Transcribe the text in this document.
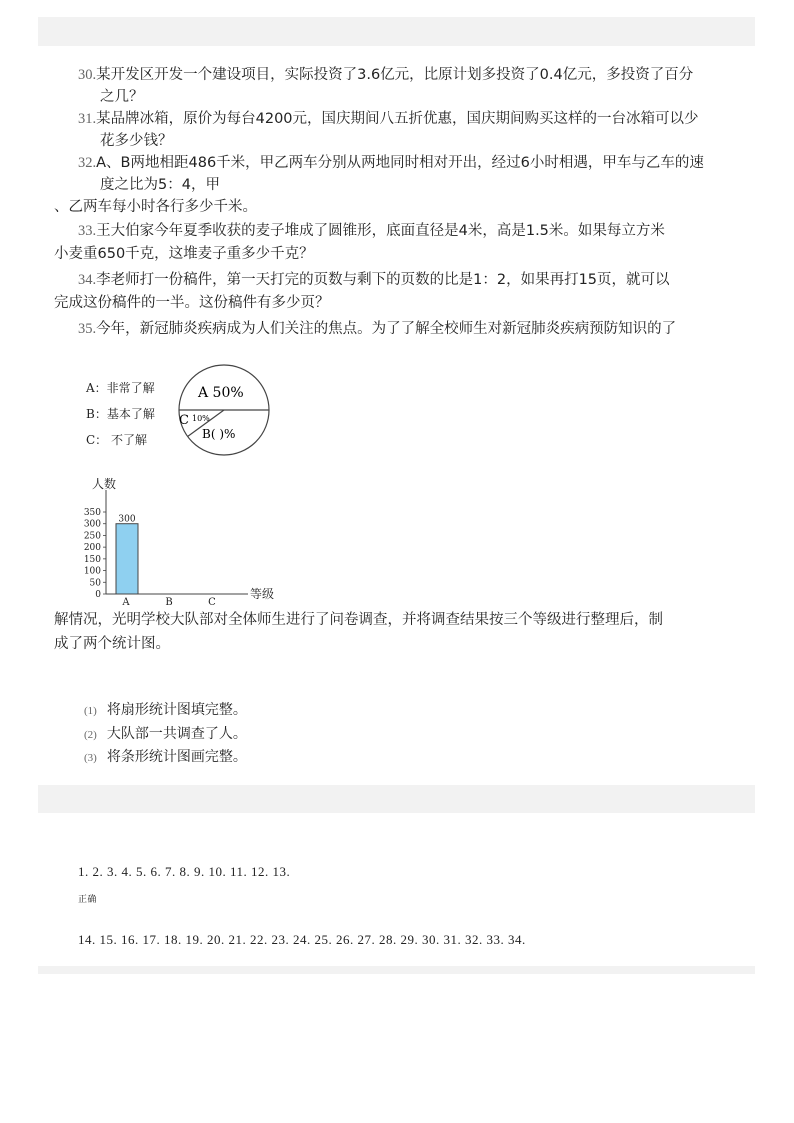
30.某开发区开发一个建设项目，实际投资了3.6亿元，比原计划多投资了0.4亿元，多投资了百分
之几？
31.某品牌冰箱，原价为每台4200元，国庆期间八五折优惠，国庆期间购买这样的一台冰箱可以少
花多少钱？
32.A、B两地相距486千米，甲乙两车分别从两地同时相对开出，经过6小时相遇，甲车与乙车的速
度之比为5：4，甲
、乙两车每小时各行多少千米。
33.王大伯家今年夏季收获的麦子堆成了圆锥形，底面直径是4米，高是1.5米。如果每立方米
小麦重650千克，这堆麦子重多少千克？
34.李老师打一份稿件，第一天打完的页数与剩下的页数的比是1：2，如果再打15页，就可以
完成这份稿件的一半。这份稿件有多少页？
35.今年，新冠肺炎疾病成为人们关注的焦点。为了了解全校师生对新冠肺炎疾病预防知识的了
A：非常了解
B：基本了解
C： 不了解
A 50%
C 10%
B( )%
人数
等级
0
50
100
150
200
250
300
350
A
300
B	C
解情况，光明学校大队部对全体师生进行了问卷调查，并将调查结果按三个等级进行整理后，制
成了两个统计图。
(1) 将扇形统计图填完整。
(2) 大队部一共调查了人。
(3) 将条形统计图画完整。
1. 2. 3. 4. 5. 6. 7. 8. 9. 10. 11. 12. 13.
正确
14. 15. 16. 17. 18. 19. 20. 21. 22. 23. 24. 25. 26. 27. 28. 29. 30. 31. 32. 33. 34.
